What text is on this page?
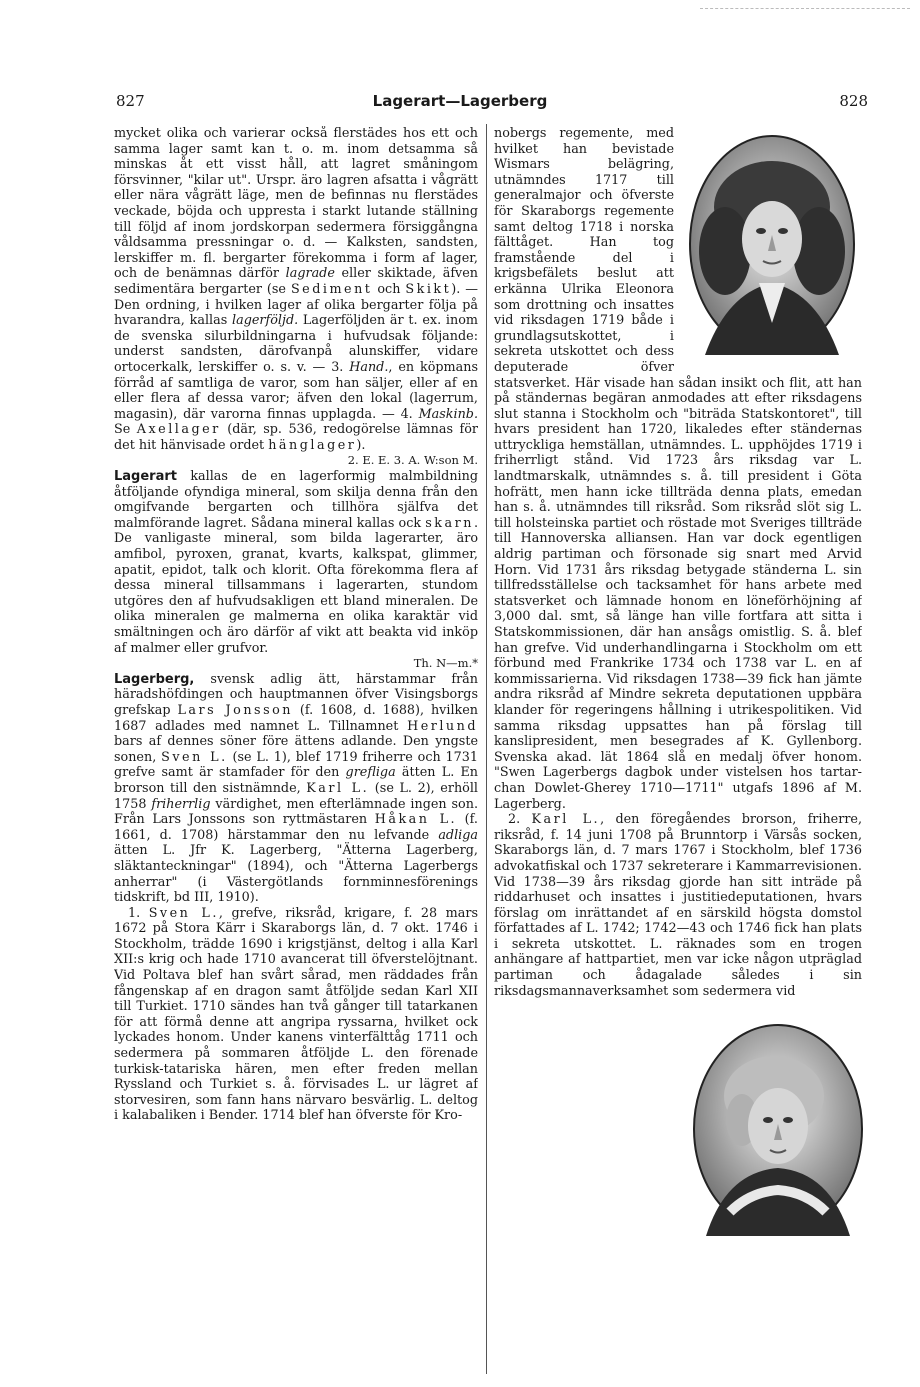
827	Lagerart—Lagerberg	828

mycket olika och varierar också flerstädes hos ett och samma lager samt kan t. o. m. inom detsamma så minskas åt ett visst håll, att lagret småningom försvinner, "kilar ut". Urspr. äro lagren afsatta i vågrätt eller nära vågrätt läge, men de befinnas nu flerstädes veckade, böjda och uppresta i starkt lutande ställning till följd af inom jordskorpan sedermera försiggångna våldsamma pressningar o. d. — Kalksten, sandsten, lerskiffer m. fl. bergarter förekomma i form af lager, och de benämnas därför lagrade eller skiktade, äfven sedimentära bergarter (se Sediment och Skikt). — Den ordning, i hvilken lager af olika bergarter följa på hvarandra, kallas lagerföljd. Lagerföljden är t. ex. inom de svenska silurbildningarna i hufvudsak följande: underst sandsten, därofvanpå alunskiffer, vidare ortocerkalk, lerskiffer o. s. v. — 3. Hand., en köpmans förråd af samtliga de varor, som han säljer, eller af en eller flera af dessa varor; äfven den lokal (lagerrum, magasin), där varorna finnas upplagda. — 4. Maskinb. Se Axellager (där, sp. 536, redogörelse lämnas för det hit hänvisade ordet hänglager).
2. E. E. 3. A. W:son M.

Lagerart kallas de en lagerformig malmbildning åtföljande ofyndiga mineral, som skilja denna från den omgifvande bergarten och tillhöra själfva det malmförande lagret. Sådana mineral kallas ock skarn. De vanligaste mineral, som bilda lagerarter, äro amfibol, pyroxen, granat, kvarts, kalkspat, glimmer, apatit, epidot, talk och klorit. Ofta förekomma flera af dessa mineral tillsammans i lagerarten, stundom utgöres den af hufvudsakligen ett bland mineralen. De olika mineralen ge malmerna en olika karaktär vid smältningen och äro därför af vikt att beakta vid inköp af malmer eller grufvor.
Th. N—m.*

Lagerberg, svensk adlig ätt, härstammar från häradshöfdingen och hauptmannen öfver Visingsborgs grefskap Lars Jonsson (f. 1608, d. 1688), hvilken 1687 adlades med namnet L. Tillnamnet Herlund bars af dennes söner före ättens adlande. Den yngste sonen, Sven L. (se L. 1), blef 1719 friherre och 1731 grefve samt är stamfader för den grefliga ätten L. En brorson till den sistnämnde, Karl L. (se L. 2), erhöll 1758 friherrlig värdighet, men efterlämnade ingen son. Från Lars Jonssons son ryttmästaren Håkan L. (f. 1661, d. 1708) härstammar den nu lefvande adliga ätten L. Jfr K. Lagerberg, "Ätterna Lagerberg, släktanteckningar" (1894), och "Ätterna Lagerbergs anherrar" (i Västergötlands fornminnesförenings tidskrift, bd III, 1910).

1. Sven L., grefve, riksråd, krigare, f. 28 mars 1672 på Stora Kärr i Skaraborgs län, d. 7 okt. 1746 i Stockholm, trädde 1690 i krigstjänst, deltog i alla Karl XII:s krig och hade 1710 avancerat till öfverstelöjtnant. Vid Poltava blef han svårt sårad, men räddades från fångenskap af en dragon samt åtföljde sedan Karl XII till Turkiet. 1710 sändes han två gånger till tatarkanen för att förmå denne att angripa ryssarna, hvilket ock lyckades honom. Under kanens vinterfälttåg 1711 och sedermera på sommaren åtföljde L. den förenade turkisk-tatariska hären, men efter freden mellan Ryssland och Turkiet s. å. förvisades L. ur lägret af storvesiren, som fann hans närvaro besvärlig. L. deltog i kalabaliken i Bender. 1714 blef han öfverste för Kro-

nobergs regemente, med hvilket han bevistade Wismars belägring, utnämndes 1717 till generalmajor och öfverste för Skaraborgs regemente samt deltog 1718 i norska fälttåget. Han tog framstående del i krigsbefälets beslut att erkänna Ulrika Eleonora som drottning och insattes vid riksdagen 1719 både i grundlagsutskottet, i sekreta utskottet och dess deputerade öfver statsverket. Här visade han sådan insikt och flit, att han på ständernas begäran anmodades att efter riksdagens slut stanna i Stockholm och "biträda Statskontoret", till hvars president han 1720, likaledes efter ständernas uttryckliga hemställan, utnämndes. L. upphöjdes 1719 i friherrligt stånd. Vid 1723 års riksdag var L. landtmarskalk, utnämndes s. å. till president i Göta hofrätt, men hann icke tillträda denna plats, emedan han s. å. utnämndes till riksråd. Som riksråd slöt sig L. till holsteinska partiet och röstade mot Sveriges tillträde till Hannoverska alliansen. Han var dock egentligen aldrig partiman och försonade sig snart med Arvid Horn. Vid 1731 års riksdag betygade ständerna L. sin tillfredsställelse och tacksamhet för hans arbete med statsverket och lämnade honom en löneförhöjning af 3,000 dal. smt, så länge han ville fortfara att sitta i Statskommissionen, där han ansågs omistlig. S. å. blef han grefve. Vid underhandlingarna i Stockholm om ett förbund med Frankrike 1734 och 1738 var L. en af kommissarierna. Vid riksdagen 1738—39 fick han jämte andra riksråd af Mindre sekreta deputationen uppbära klander för regeringens hållning i utrikespolitiken. Vid samma riksdag uppsattes han på förslag till kanslipresident, men besegrades af K. Gyllenborg. Svenska akad. lät 1864 slå en medalj öfver honom. "Swen Lagerbergs dagbok under vistelsen hos tartar-chan Dowlet-Gherey 1710—1711" utgafs 1896 af M. Lagerberg.

2. Karl L., den föregåendes brorson, friherre, riksråd, f. 14 juni 1708 på Brunntorp i Värsås socken, Skaraborgs län, d. 7 mars 1767 i Stockholm, blef 1736 advokatfiskal och 1737 sekreterare i Kammarrevisionen. Vid 1738—39 års riksdag gjorde han sitt inträde på riddarhuset och insattes i justitiedeputationen, hvars förslag om inrättandet af en särskild högsta domstol författades af L. 1742; 1742—43 och 1746 fick han plats i sekreta utskottet. L. räknades som en trogen anhängare af hattpartiet, men var icke någon utpräglad partiman och ådagalade således i sin riksdagsmannaverksamhet som sedermera vid
